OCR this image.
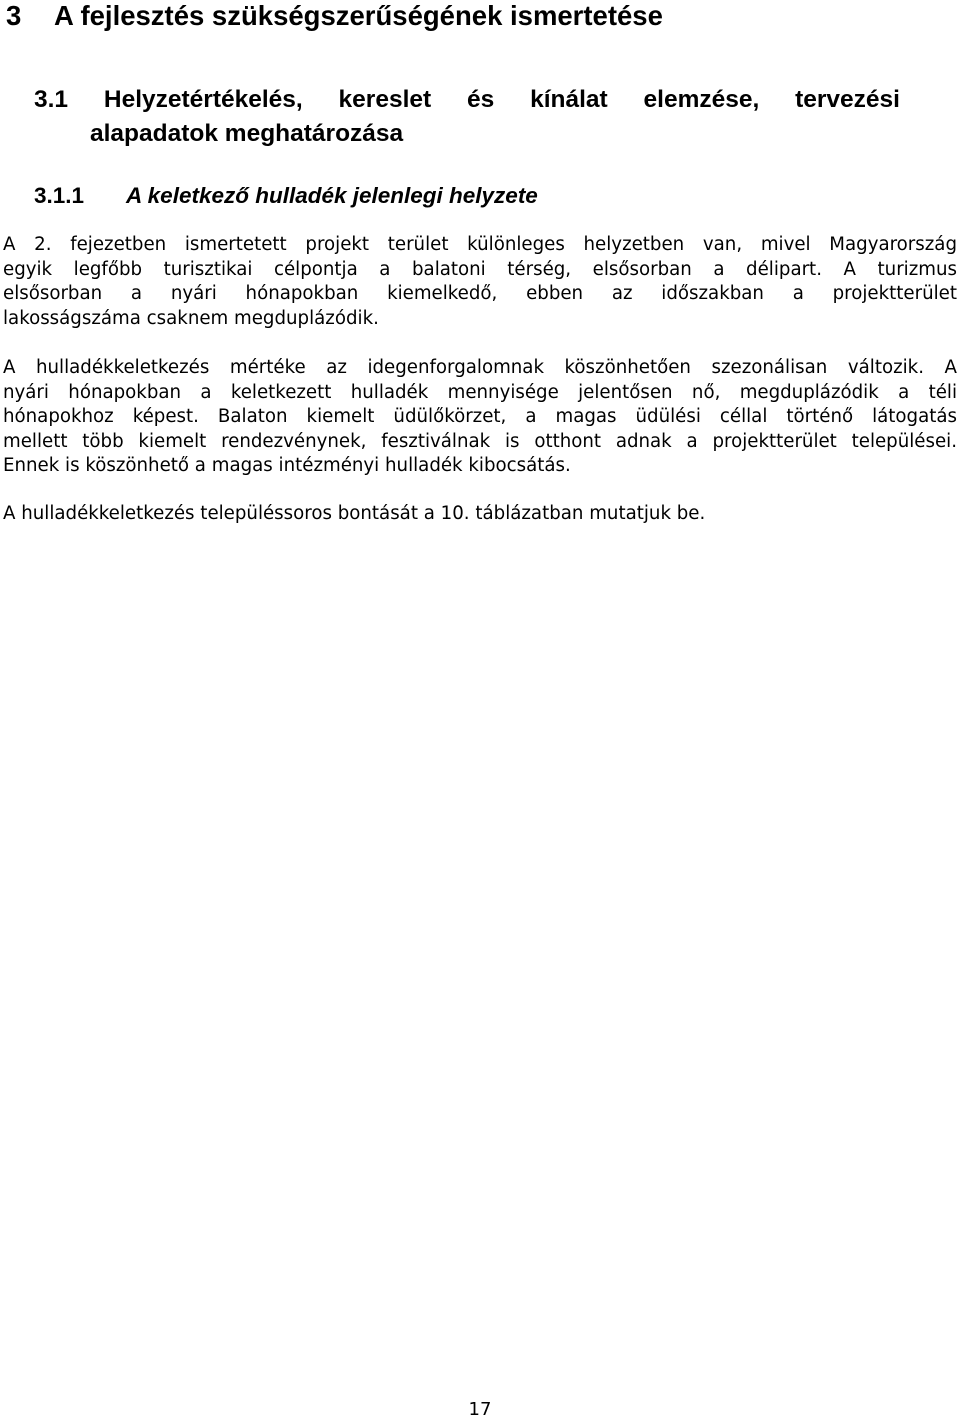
3 A fejlesztés szükségszerűségének ismertetése
3.1 Helyzetértékelés, kereslet és kínálat elemzése, tervezési
alapadatok meghatározása
3.1.1 A keletkező hulladék jelenlegi helyzete

A 2. fejezetben ismertetett projekt terület különleges helyzetben van, mivel Magyarország
egyik legfőbb turisztikai célpontja a balatoni térség, elsősorban a délipart. A turizmus
elsősorban a nyári hónapokban kiemelkedő, ebben az időszakban a projektterület
lakosságszáma csaknem megduplázódik.

A hulladékkeletkezés mértéke az idegenforgalomnak köszönhetően szezonálisan változik. A
nyári hónapokban a keletkezett hulladék mennyisége jelentősen nő, megduplázódik a téli
hónapokhoz képest. Balaton kiemelt üdülőkörzet, a magas üdülési céllal történő látogatás
mellett több kiemelt rendezvénynek, fesztiválnak is otthont adnak a projektterület települései.
Ennek is köszönhető a magas intézményi hulladék kibocsátás.

A hulladékkeletkezés településsoros bontását a 10. táblázatban mutatjuk be.

17
